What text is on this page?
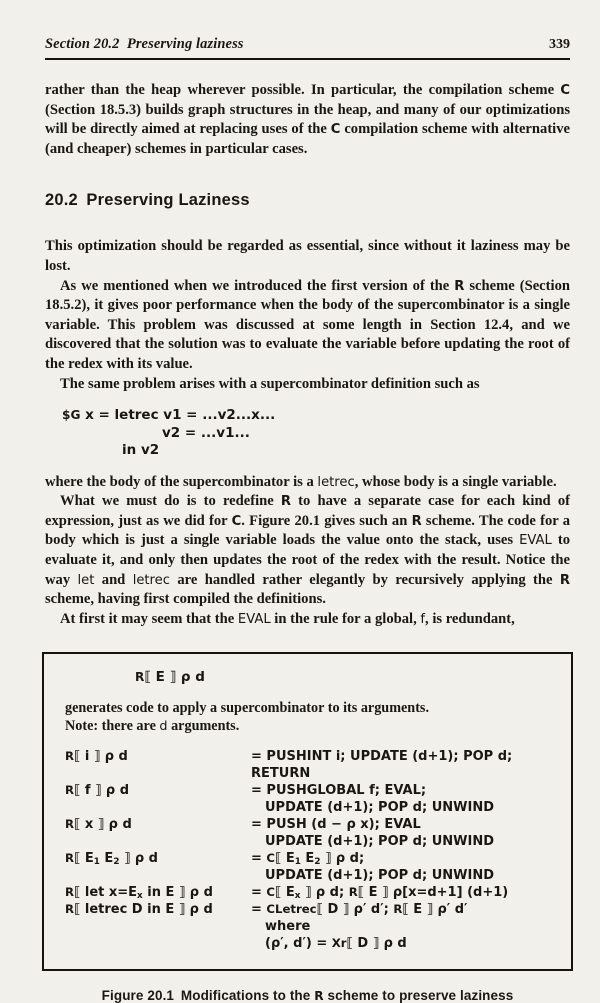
Section 20.2 Preserving laziness	339

rather than the heap wherever possible. In particular, the compilation scheme C (Section 18.5.3) builds graph structures in the heap, and many of our optimizations will be directly aimed at replacing uses of the C compilation scheme with alternative (and cheaper) schemes in particular cases.

20.2 Preserving Laziness

This optimization should be regarded as essential, since without it laziness may be lost.

As we mentioned when we introduced the first version of the R scheme (Section 18.5.2), it gives poor performance when the body of the supercombinator is a single variable. This problem was discussed at some length in Section 12.4, and we discovered that the solution was to evaluate the variable before updating the root of the redex with its value.

The same problem arises with a supercombinator definition such as

$G x = letrec v1 = ...v2...x...
v2 = ...v1...
in v2

where the body of the supercombinator is a letrec, whose body is a single variable.

What we must do is to redefine R to have a separate case for each kind of expression, just as we did for C. Figure 20.1 gives such an R scheme. The code for a body which is just a single variable loads the value onto the stack, uses EVAL to evaluate it, and only then updates the root of the redex with the result. Notice the way let and letrec are handled rather elegantly by recursively applying the R scheme, having first compiled the definitions.

At first it may seem that the EVAL in the rule for a global, f, is redundant,

R⟦ E ⟧ ρ d
generates code to apply a supercombinator to its arguments.
Note: there are d arguments.
R⟦ i ⟧ ρ d	= PUSHINT i; UPDATE (d+1); POP d; RETURN
R⟦ f ⟧ ρ d	= PUSHGLOBAL f; EVAL;
UPDATE (d+1); POP d; UNWIND
R⟦ x ⟧ ρ d	= PUSH (d − ρ x); EVAL
UPDATE (d+1); POP d; UNWIND
R⟦ $E_1$ $E_2$ ⟧ ρ d	= C⟦ $E_1$ $E_2$ ⟧ ρ d;
UPDATE (d+1); POP d; UNWIND
R⟦ let $x=E_x$ in E ⟧ ρ d	= C⟦ $E_x$ ⟧ ρ d; R⟦ E ⟧ ρ[x=d+1] (d+1)
R⟦ letrec D in E ⟧ ρ d	= CLetrec⟦ D ⟧ ρ′ d′; R⟦ E ⟧ ρ′ d′
where
(ρ′, d′) = Xr⟦ D ⟧ ρ d
Figure 20.1 Modifications to the R scheme to preserve laziness
